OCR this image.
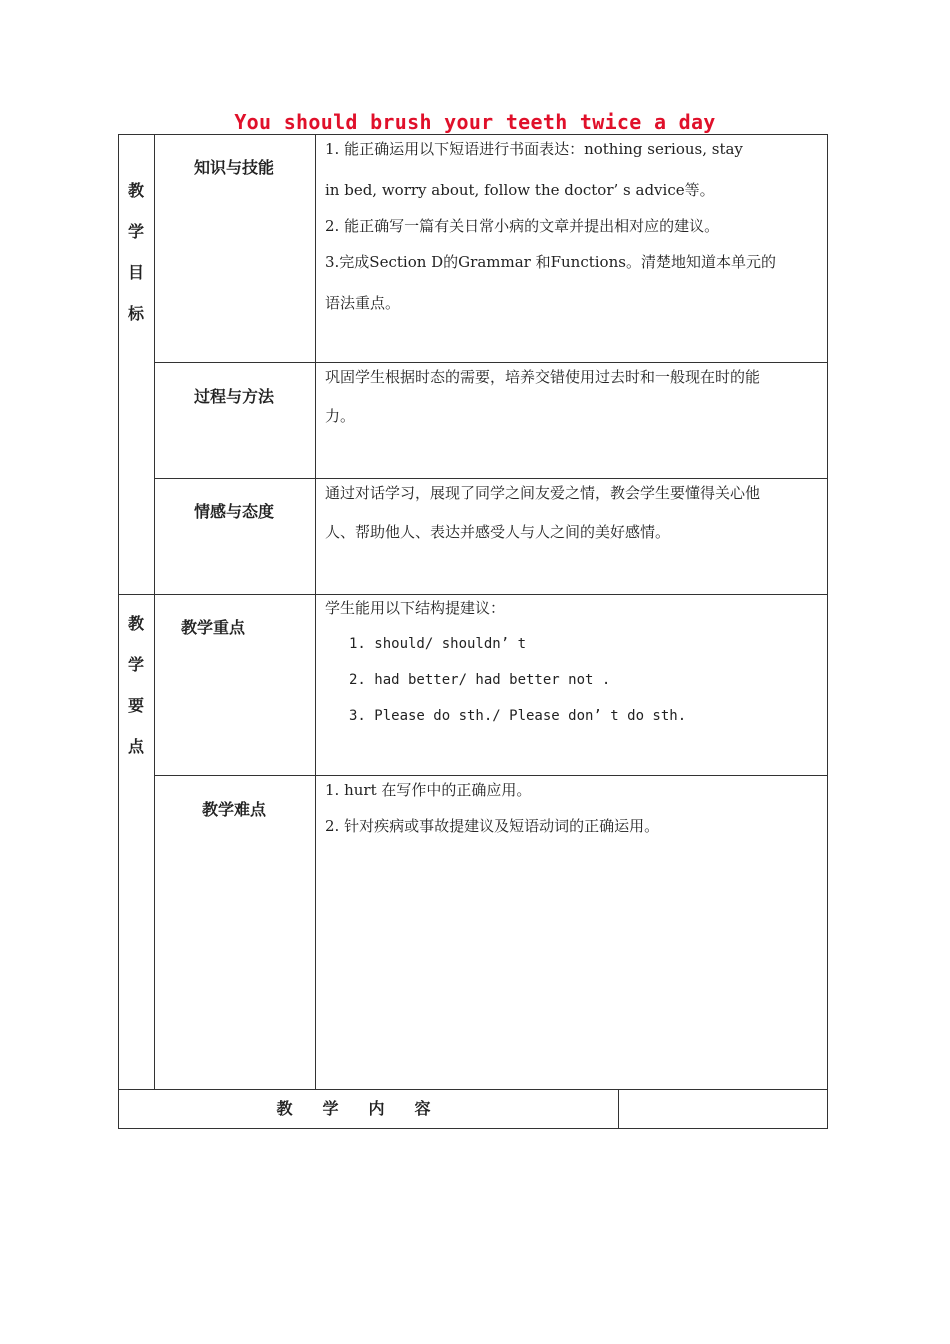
You should brush your teeth twice a day
教
学
目
标
知识与技能

1. 能正确运用以下短语进行书面表达：nothing serious, stay

in bed, worry about, follow the doctor’ s advice等。

2. 能正确写一篇有关日常小病的文章并提出相对应的建议。

3.完成Section D的Grammar 和Functions。清楚地知道本单元的

语法重点。

过程与方法

巩固学生根据时态的需要，培养交错使用过去时和一般现在时的能

力。

情感与态度

通过对话学习，展现了同学之间友爱之情，教会学生要懂得关心他

人、帮助他人、表达并感受人与人之间的美好感情。

教
学
要
点
教学重点

学生能用以下结构提建议：

1. should/ shouldn’ t

2. had better/ had better not .

3. Please do sth./ Please don’ t do sth.

教学难点

1. hurt 在写作中的正确应用。

2. 针对疾病或事故提建议及短语动词的正确运用。

教学内容
